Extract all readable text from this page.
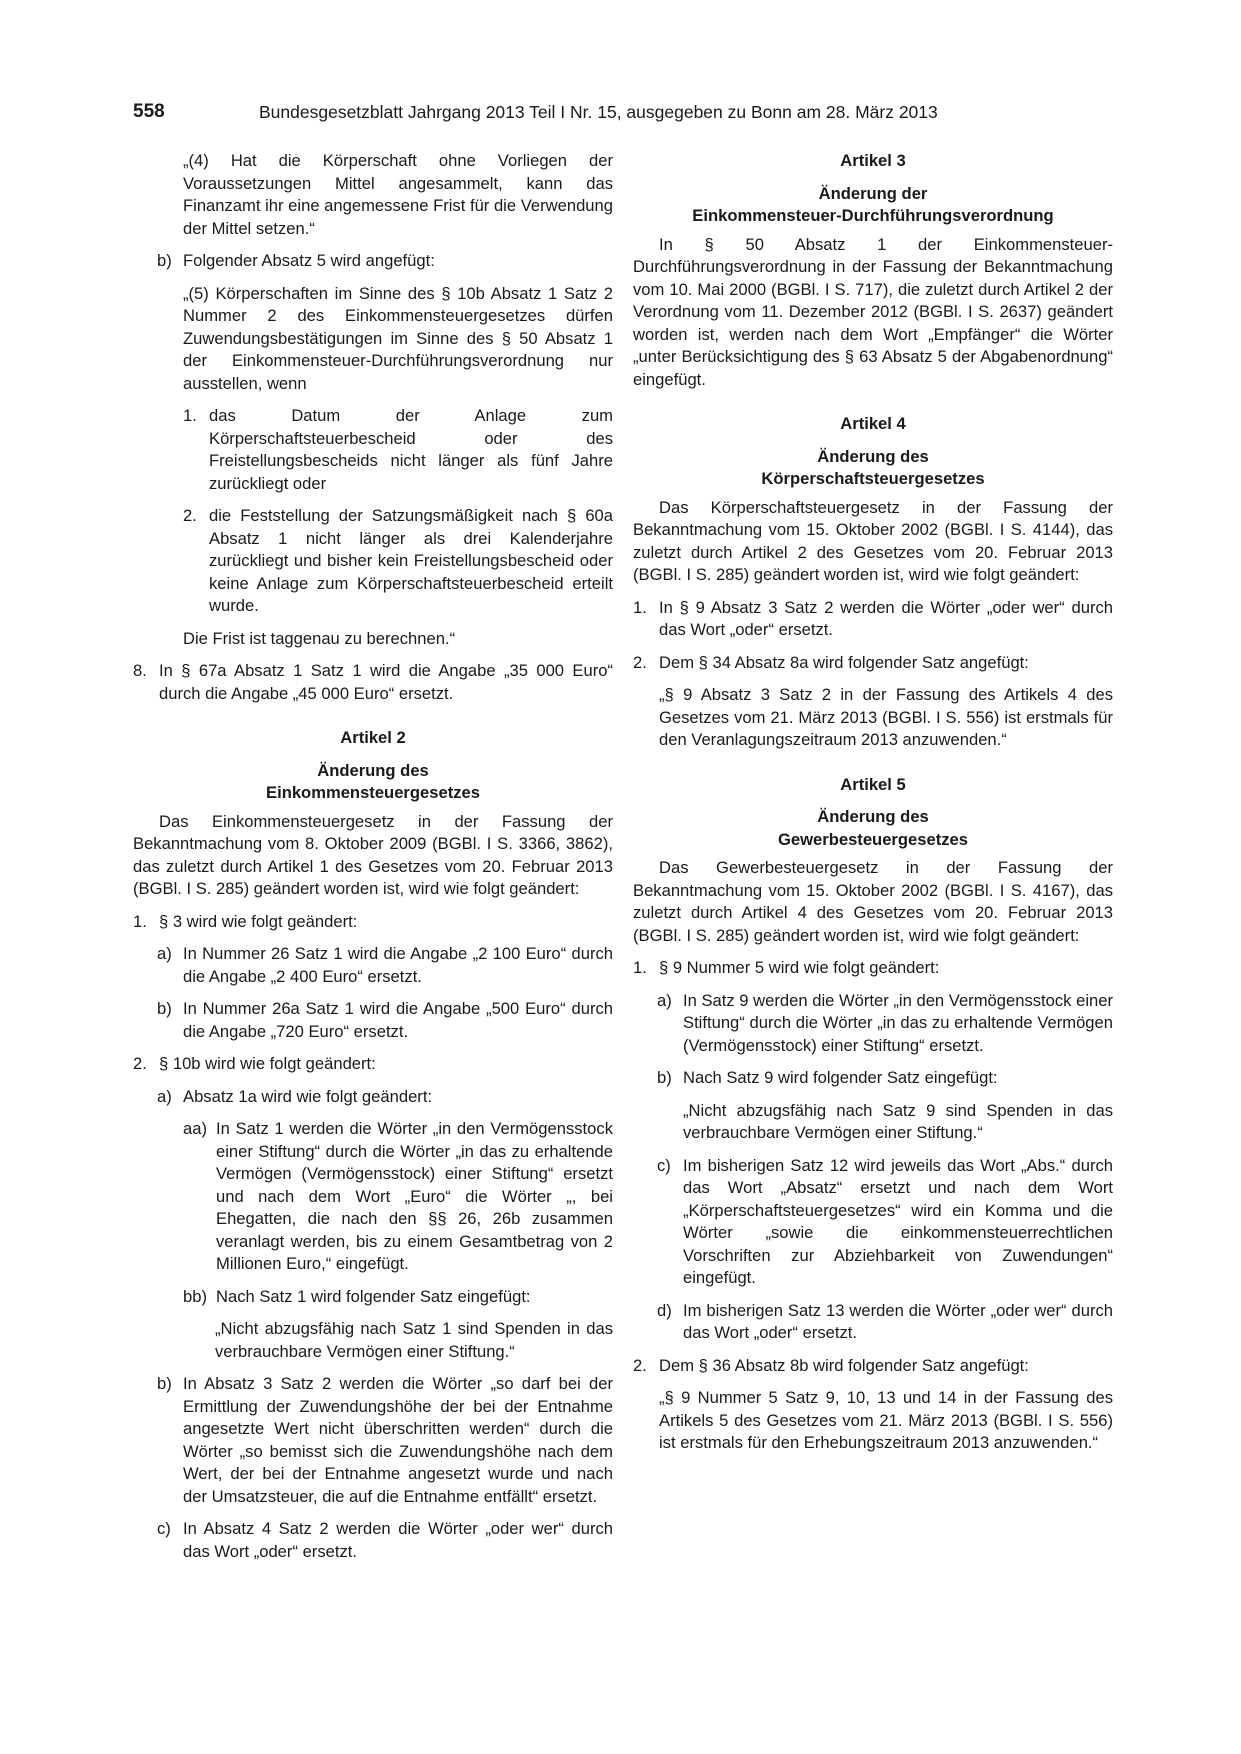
558	Bundesgesetzblatt Jahrgang 2013 Teil I Nr. 15, ausgegeben zu Bonn am 28. März 2013
„(4) Hat die Körperschaft ohne Vorliegen der Voraussetzungen Mittel angesammelt, kann das Finanzamt ihr eine angemessene Frist für die Verwendung der Mittel setzen.“
b) Folgender Absatz 5 wird angefügt:
„(5) Körperschaften im Sinne des § 10b Absatz 1 Satz 2 Nummer 2 des Einkommensteuergesetzes dürfen Zuwendungsbestätigungen im Sinne des § 50 Absatz 1 der Einkommensteuer-Durchführungsverordnung nur ausstellen, wenn
1. das Datum der Anlage zum Körperschaftsteuerbescheid oder des Freistellungsbescheids nicht länger als fünf Jahre zurückliegt oder
2. die Feststellung der Satzungsmäßigkeit nach § 60a Absatz 1 nicht länger als drei Kalenderjahre zurückliegt und bisher kein Freistellungsbescheid oder keine Anlage zum Körperschaftsteuerbescheid erteilt wurde.
Die Frist ist taggenau zu berechnen.“
8. In § 67a Absatz 1 Satz 1 wird die Angabe „35 000 Euro“ durch die Angabe „45 000 Euro“ ersetzt.
Artikel 2
Änderung des
Einkommensteuergesetzes
Das Einkommensteuergesetz in der Fassung der Bekanntmachung vom 8. Oktober 2009 (BGBl. I S. 3366, 3862), das zuletzt durch Artikel 1 des Gesetzes vom 20. Februar 2013 (BGBl. I S. 285) geändert worden ist, wird wie folgt geändert:
1. § 3 wird wie folgt geändert:
a) In Nummer 26 Satz 1 wird die Angabe „2 100 Euro“ durch die Angabe „2 400 Euro“ ersetzt.
b) In Nummer 26a Satz 1 wird die Angabe „500 Euro“ durch die Angabe „720 Euro“ ersetzt.
2. § 10b wird wie folgt geändert:
a) Absatz 1a wird wie folgt geändert:
aa) In Satz 1 werden die Wörter „in den Vermögensstock einer Stiftung“ durch die Wörter „in das zu erhaltende Vermögen (Vermögensstock) einer Stiftung“ ersetzt und nach dem Wort „Euro“ die Wörter „, bei Ehegatten, die nach den §§ 26, 26b zusammen veranlagt werden, bis zu einem Gesamtbetrag von 2 Millionen Euro,“ eingefügt.
bb) Nach Satz 1 wird folgender Satz eingefügt:
„Nicht abzugsfähig nach Satz 1 sind Spenden in das verbrauchbare Vermögen einer Stiftung.“
b) In Absatz 3 Satz 2 werden die Wörter „so darf bei der Ermittlung der Zuwendungshöhe der bei der Entnahme angesetzte Wert nicht überschritten werden“ durch die Wörter „so bemisst sich die Zuwendungshöhe nach dem Wert, der bei der Entnahme angesetzt wurde und nach der Umsatzsteuer, die auf die Entnahme entfällt“ ersetzt.
c) In Absatz 4 Satz 2 werden die Wörter „oder wer“ durch das Wort „oder“ ersetzt.
Artikel 3
Änderung der
Einkommensteuer-Durchführungsverordnung
In § 50 Absatz 1 der Einkommensteuer-Durchführungsverordnung in der Fassung der Bekanntmachung vom 10. Mai 2000 (BGBl. I S. 717), die zuletzt durch Artikel 2 der Verordnung vom 11. Dezember 2012 (BGBl. I S. 2637) geändert worden ist, werden nach dem Wort „Empfänger“ die Wörter „unter Berücksichtigung des § 63 Absatz 5 der Abgabenordnung“ eingefügt.
Artikel 4
Änderung des
Körperschaftsteuergesetzes
Das Körperschaftsteuergesetz in der Fassung der Bekanntmachung vom 15. Oktober 2002 (BGBl. I S. 4144), das zuletzt durch Artikel 2 des Gesetzes vom 20. Februar 2013 (BGBl. I S. 285) geändert worden ist, wird wie folgt geändert:
1. In § 9 Absatz 3 Satz 2 werden die Wörter „oder wer“ durch das Wort „oder“ ersetzt.
2. Dem § 34 Absatz 8a wird folgender Satz angefügt:
„§ 9 Absatz 3 Satz 2 in der Fassung des Artikels 4 des Gesetzes vom 21. März 2013 (BGBl. I S. 556) ist erstmals für den Veranlagungszeitraum 2013 anzuwenden.“
Artikel 5
Änderung des
Gewerbesteuergesetzes
Das Gewerbesteuergesetz in der Fassung der Bekanntmachung vom 15. Oktober 2002 (BGBl. I S. 4167), das zuletzt durch Artikel 4 des Gesetzes vom 20. Februar 2013 (BGBl. I S. 285) geändert worden ist, wird wie folgt geändert:
1. § 9 Nummer 5 wird wie folgt geändert:
a) In Satz 9 werden die Wörter „in den Vermögensstock einer Stiftung“ durch die Wörter „in das zu erhaltende Vermögen (Vermögensstock) einer Stiftung“ ersetzt.
b) Nach Satz 9 wird folgender Satz eingefügt:
„Nicht abzugsfähig nach Satz 9 sind Spenden in das verbrauchbare Vermögen einer Stiftung.“
c) Im bisherigen Satz 12 wird jeweils das Wort „Abs.“ durch das Wort „Absatz“ ersetzt und nach dem Wort „Körperschaftsteuergesetzes“ wird ein Komma und die Wörter „sowie die einkommensteuerrechtlichen Vorschriften zur Abziehbarkeit von Zuwendungen“ eingefügt.
d) Im bisherigen Satz 13 werden die Wörter „oder wer“ durch das Wort „oder“ ersetzt.
2. Dem § 36 Absatz 8b wird folgender Satz angefügt:
„§ 9 Nummer 5 Satz 9, 10, 13 und 14 in der Fassung des Artikels 5 des Gesetzes vom 21. März 2013 (BGBl. I S. 556) ist erstmals für den Erhebungszeitraum 2013 anzuwenden.“
